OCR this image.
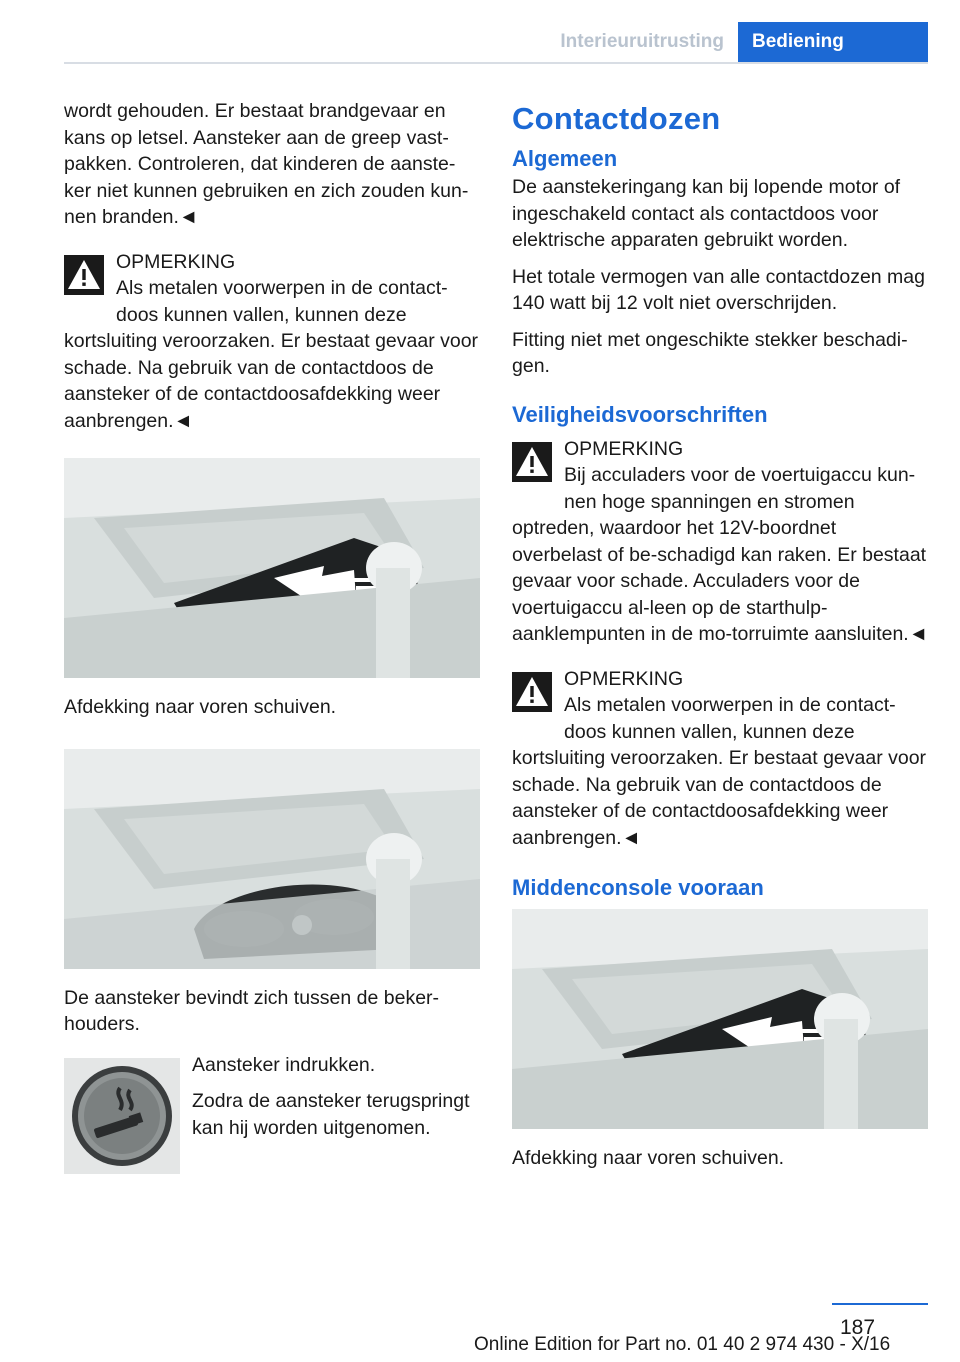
Interieuruitrusting	Bediening

wordt gehouden. Er bestaat brandgevaar en kans op letsel. Aansteker aan de greep vast-pakken. Controleren, dat kinderen de aanste-ker niet kunnen gebruiken en zich zouden kun-nen branden.◄

OPMERKING
Als metalen voorwerpen in de contact-doos kunnen vallen, kunnen deze kortsluiting veroorzaken. Er bestaat gevaar voor schade. Na gebruik van de contactdoos de aansteker of de contactdoosafdekking weer aanbrengen.◄

Afdekking naar voren schuiven.

De aansteker bevindt zich tussen de beker-houders.

Aansteker indrukken.

Zodra de aansteker terugspringt kan hij worden uitgenomen.

Contactdozen
Algemeen

De aanstekeringang kan bij lopende motor of ingeschakeld contact als contactdoos voor elektrische apparaten gebruikt worden.

Het totale vermogen van alle contactdozen mag 140 watt bij 12 volt niet overschrijden.

Fitting niet met ongeschikte stekker beschadi-gen.

Veiligheidsvoorschriften
OPMERKING
Bij acculaders voor de voertuigaccu kun-nen hoge spanningen en stromen optreden, waardoor het 12V-boordnet overbelast of be-schadigd kan raken. Er bestaat gevaar voor schade. Acculaders voor de voertuigaccu al-leen op de starthulp-aanklempunten in de mo-torruimte aansluiten.◄
OPMERKING
Als metalen voorwerpen in de contact-doos kunnen vallen, kunnen deze kortsluiting veroorzaken. Er bestaat gevaar voor schade. Na gebruik van de contactdoos de aansteker of de contactdoosafdekking weer aanbrengen.◄
Middenconsole vooraan

Afdekking naar voren schuiven.

187
Online Edition for Part no. 01 40 2 974 430 - X/16
